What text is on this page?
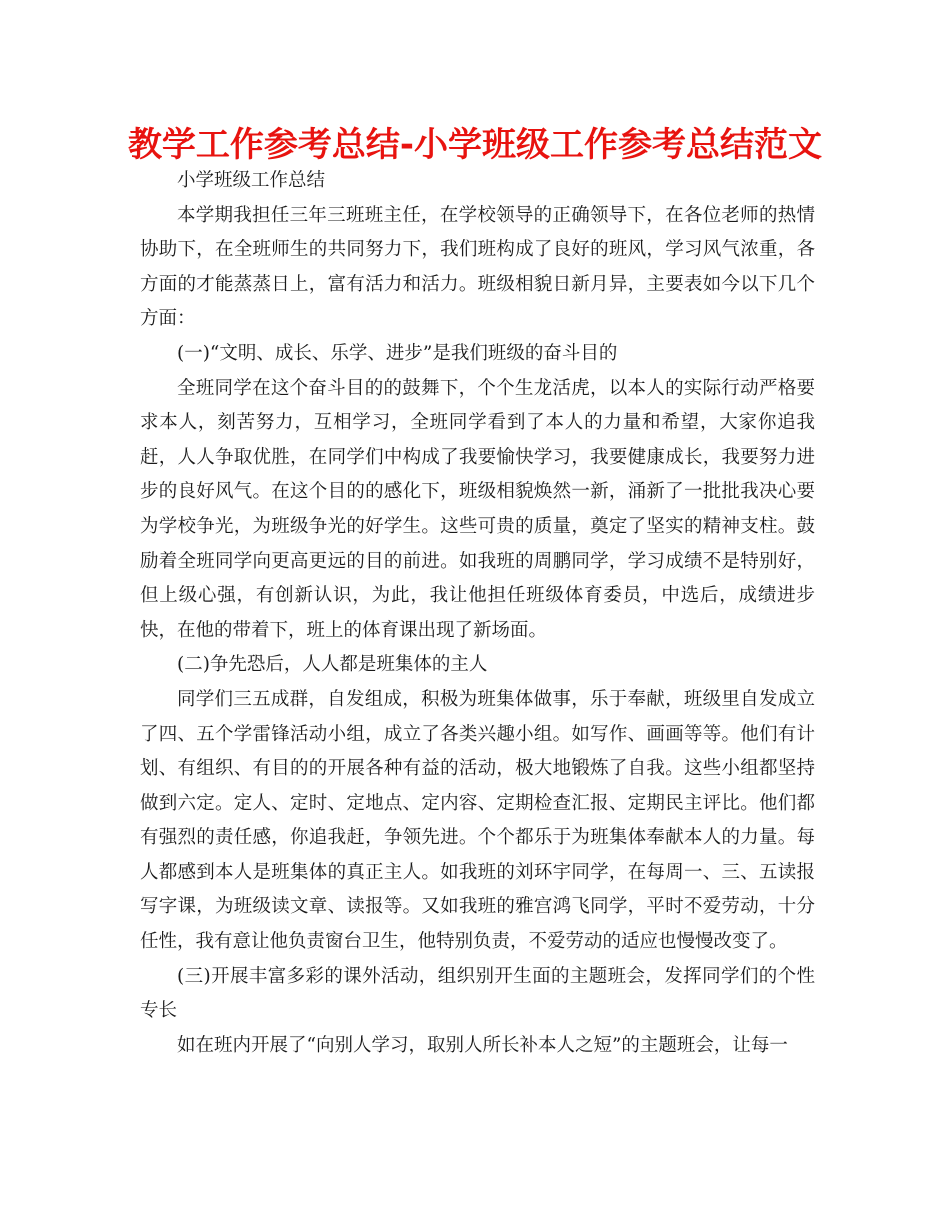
教学工作参考总结-小学班级工作参考总结范文

小学班级工作总结

本学期我担任三年三班班主任，在学校领导的正确领导下，在各位老师的热情协助下，在全班师生的共同努力下，我们班构成了良好的班风，学习风气浓重，各方面的才能蒸蒸日上，富有活力和活力。班级相貌日新月异，主要表如今以下几个方面：

(一)“文明、成长、乐学、进步”是我们班级的奋斗目的

全班同学在这个奋斗目的的鼓舞下，个个生龙活虎，以本人的实际行动严格要求本人，刻苦努力，互相学习，全班同学看到了本人的力量和希望，大家你追我赶，人人争取优胜，在同学们中构成了我要愉快学习，我要健康成长，我要努力进步的良好风气。在这个目的的感化下，班级相貌焕然一新，涌新了一批批我决心要为学校争光，为班级争光的好学生。这些可贵的质量，奠定了坚实的精神支柱。鼓励着全班同学向更高更远的目的前进。如我班的周鹏同学，学习成绩不是特别好，但上级心强，有创新认识，为此，我让他担任班级体育委员，中选后，成绩进步快，在他的带着下，班上的体育课出现了新场面。

(二)争先恐后，人人都是班集体的主人

同学们三五成群，自发组成，积极为班集体做事，乐于奉献，班级里自发成立了四、五个学雷锋活动小组，成立了各类兴趣小组。如写作、画画等等。他们有计划、有组织、有目的的开展各种有益的活动，极大地锻炼了自我。这些小组都坚持做到六定。定人、定时、定地点、定内容、定期检查汇报、定期民主评比。他们都有强烈的责任感，你追我赶，争领先进。个个都乐于为班集体奉献本人的力量。每人都感到本人是班集体的真正主人。如我班的刘环宇同学，在每周一、三、五读报写字课，为班级读文章、读报等。又如我班的雅宫鸿飞同学，平时不爱劳动，十分任性，我有意让他负责窗台卫生，他特别负责，不爱劳动的适应也慢慢改变了。

(三)开展丰富多彩的课外活动，组织别开生面的主题班会，发挥同学们的个性专长

如在班内开展了“向别人学习，取别人所长补本人之短”的主题班会，让每一
